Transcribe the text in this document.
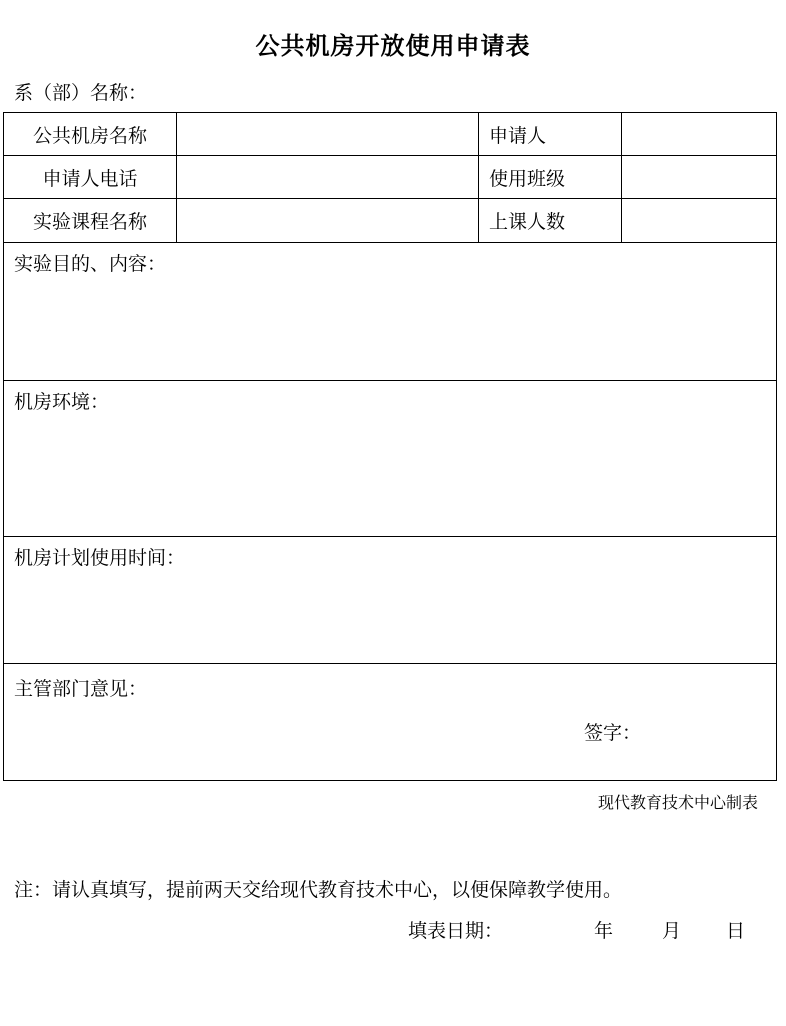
公共机房开放使用申请表
系（部）名称：
公共机房名称		申请人	
申请人电话		使用班级	
实验课程名称		上课人数	
实验目的、内容：			
机房环境：			
机房计划使用时间：			
主管部门意见：
签字：			
现代教育技术中心制表
注：请认真填写，提前两天交给现代教育技术中心，以便保障教学使用。

填表日期：

	年

	月

日
